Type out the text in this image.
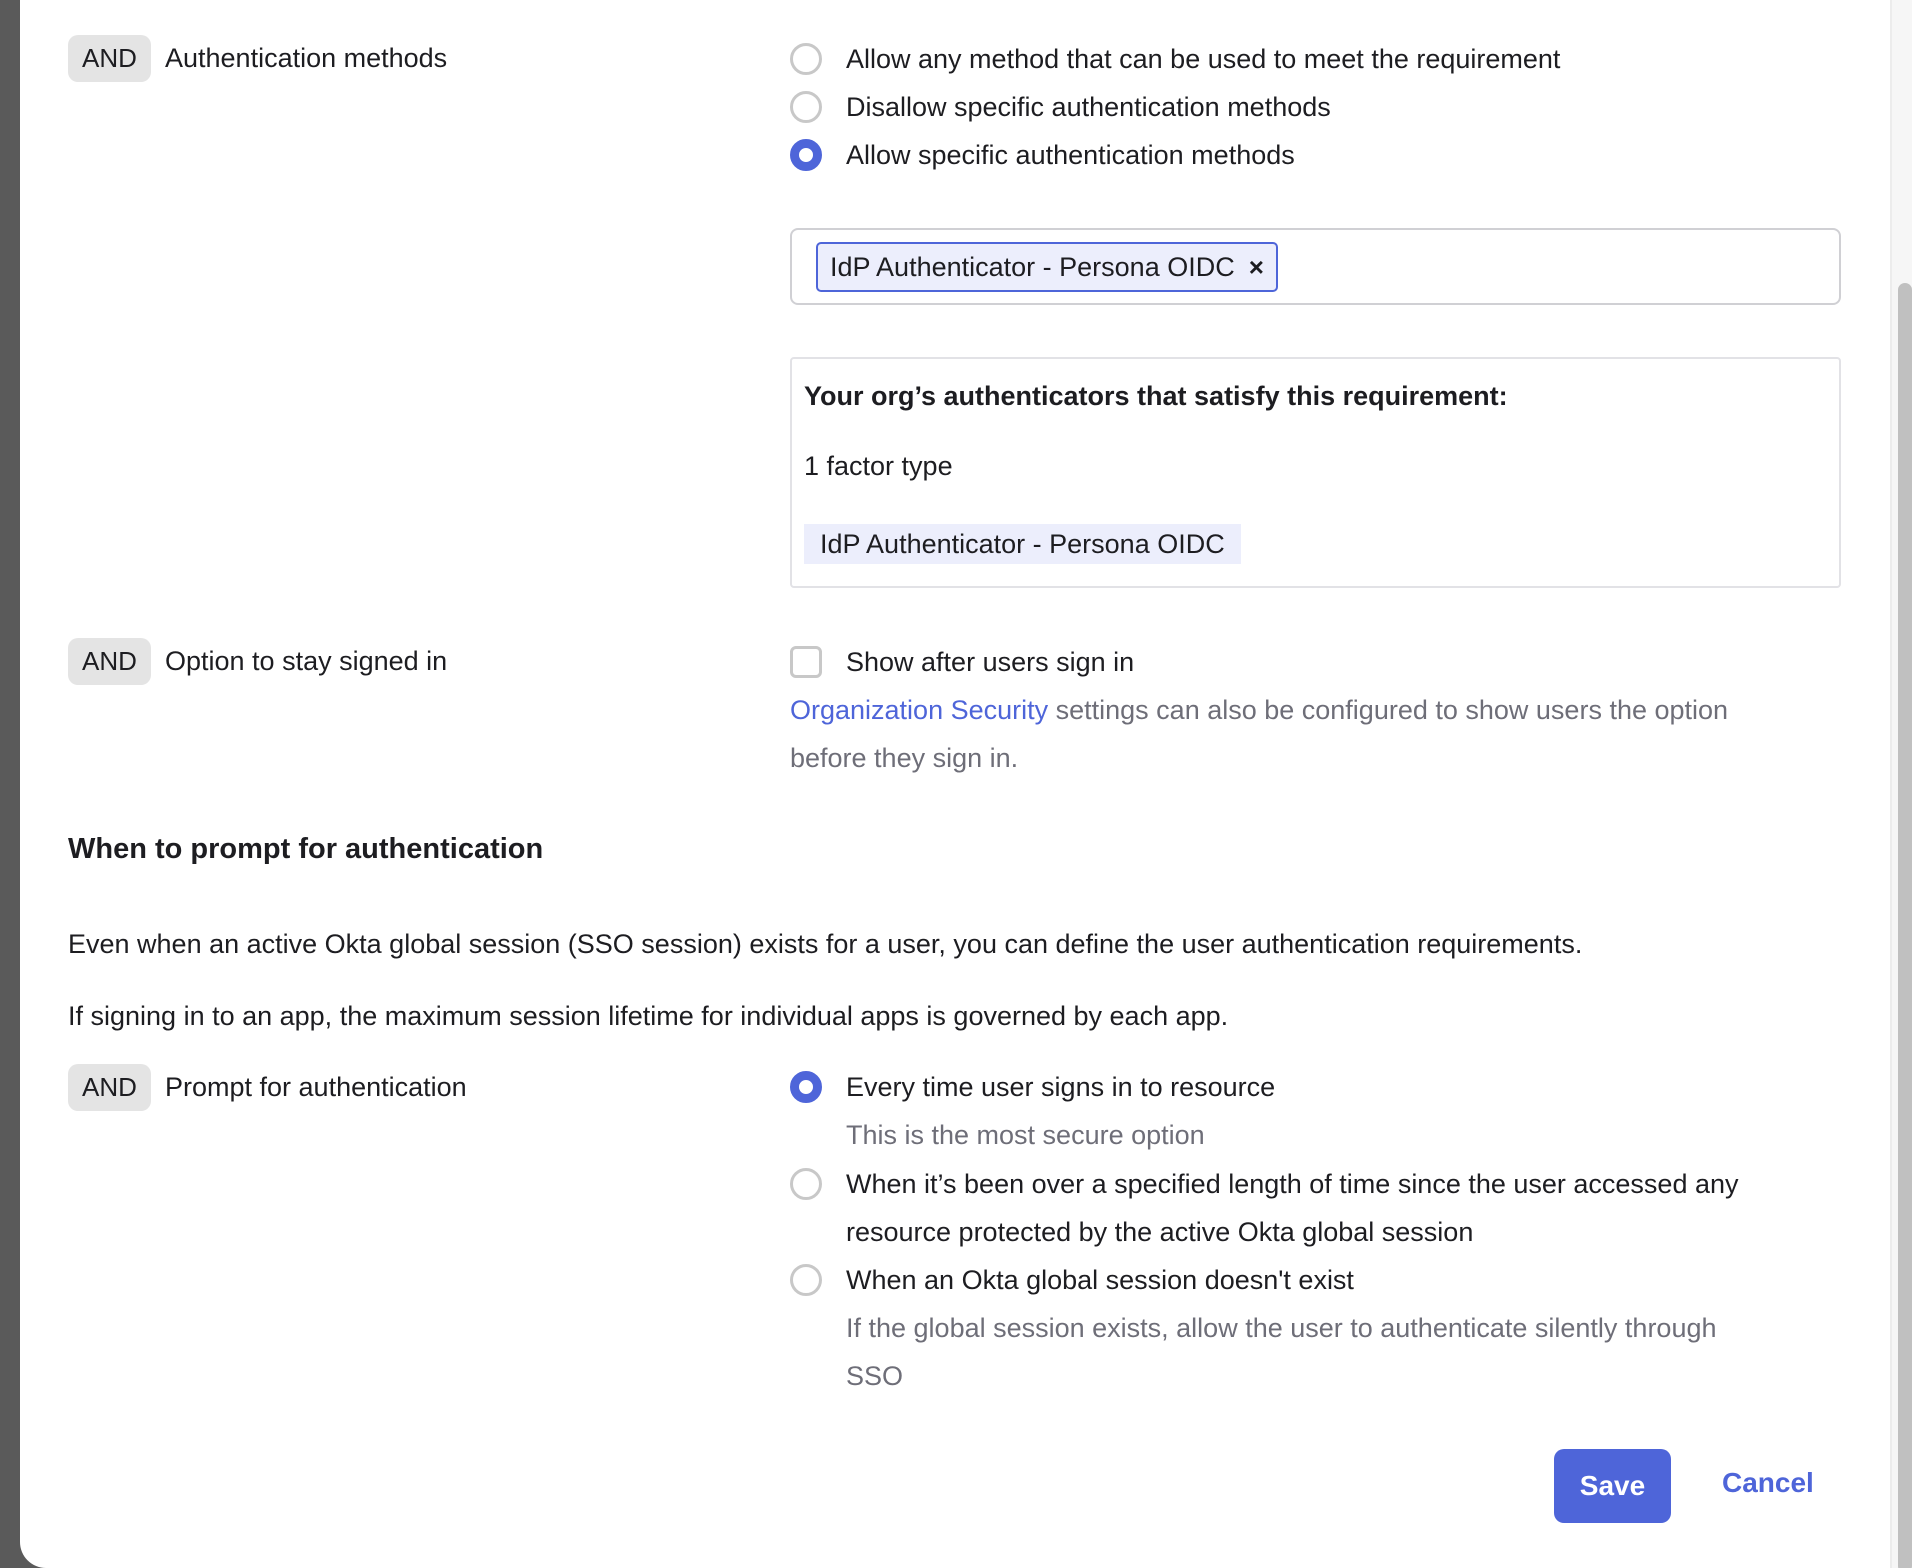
AND	Authentication methods	Allow any method that can be used to meet the requirement
Disallow specific authentication methods
Allow specific authentication methods
IdP Authenticator - Persona OIDC ×
Your org’s authenticators that satisfy this requirement:
1 factor type
IdP Authenticator - Persona OIDC
AND	Option to stay signed in	Show after users sign in
Organization Security settings can also be configured to show users the option
before they sign in.
When to prompt for authentication
Even when an active Okta global session (SSO session) exists for a user, you can define the user authentication requirements.
If signing in to an app, the maximum session lifetime for individual apps is governed by each app.
AND	Prompt for authentication	Every time user signs in to resource
This is the most secure option
When it’s been over a specified length of time since the user accessed any
resource protected by the active Okta global session
When an Okta global session doesn't exist
If the global session exists, allow the user to authenticate silently through
SSO
Save	Cancel
